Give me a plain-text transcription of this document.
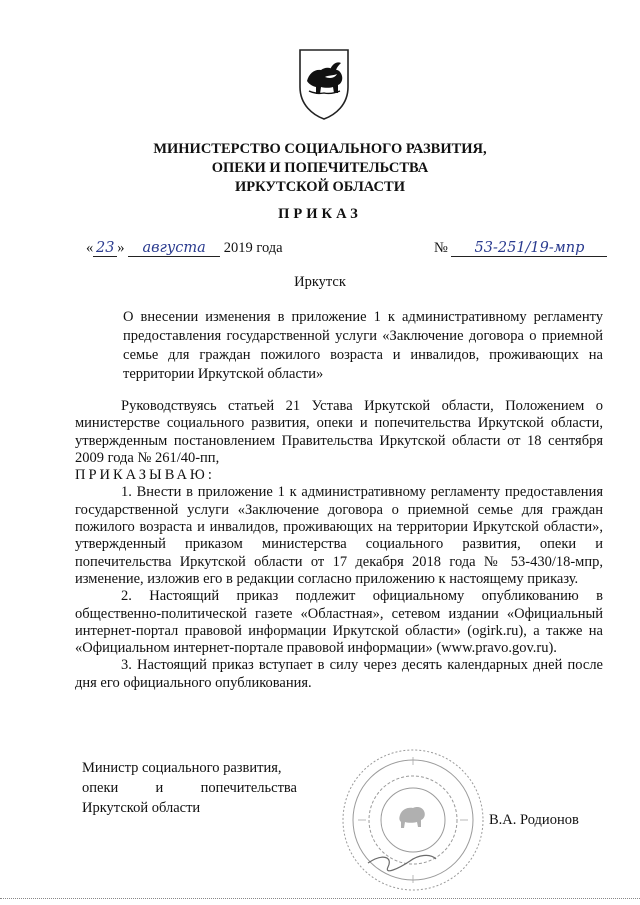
МИНИСТЕРСТВО СОЦИАЛЬНОГО РАЗВИТИЯ,
ОПЕКИ И ПОПЕЧИТЕЛЬСТВА
ИРКУТСКОЙ ОБЛАСТИ
ПРИКАЗ
« 23 » августа 2019 года	№ 53-251/19-мпр
Иркутск
О внесении изменения в приложение 1 к административному регламенту предоставления государственной услуги «Заключение договора о приемной семье для граждан пожилого возраста и инвалидов, проживающих на территории Иркутской области»

Руководствуясь статьей 21 Устава Иркутской области, Положением о министерстве социального развития, опеки и попечительства Иркутской области, утвержденным постановлением Правительства Иркутской области от 18 сентября 2009 года № 261/40-пп,

ПРИКАЗЫВАЮ:

1. Внести в приложение 1 к административному регламенту предоставления государственной услуги «Заключение договора о приемной семье для граждан пожилого возраста и инвалидов, проживающих на территории Иркутской области», утвержденный приказом министерства социального развития, опеки и попечительства Иркутской области от 17 декабря 2018 года № 53-430/18-мпр, изменение, изложив его в редакции согласно приложению к настоящему приказу.

2. Настоящий приказ подлежит официальному опубликованию в общественно-политической газете «Областная», сетевом издании «Официальный интернет-портал правовой информации Иркутской области» (ogirk.ru), а также на «Официальном интернет-портале правовой информации» (www.pravo.gov.ru).

3. Настоящий приказ вступает в силу через десять календарных дней после дня его официального опубликования.

Министр социального развития,
опеки	и	попечительства
Иркутской области
В.А. Родионов
